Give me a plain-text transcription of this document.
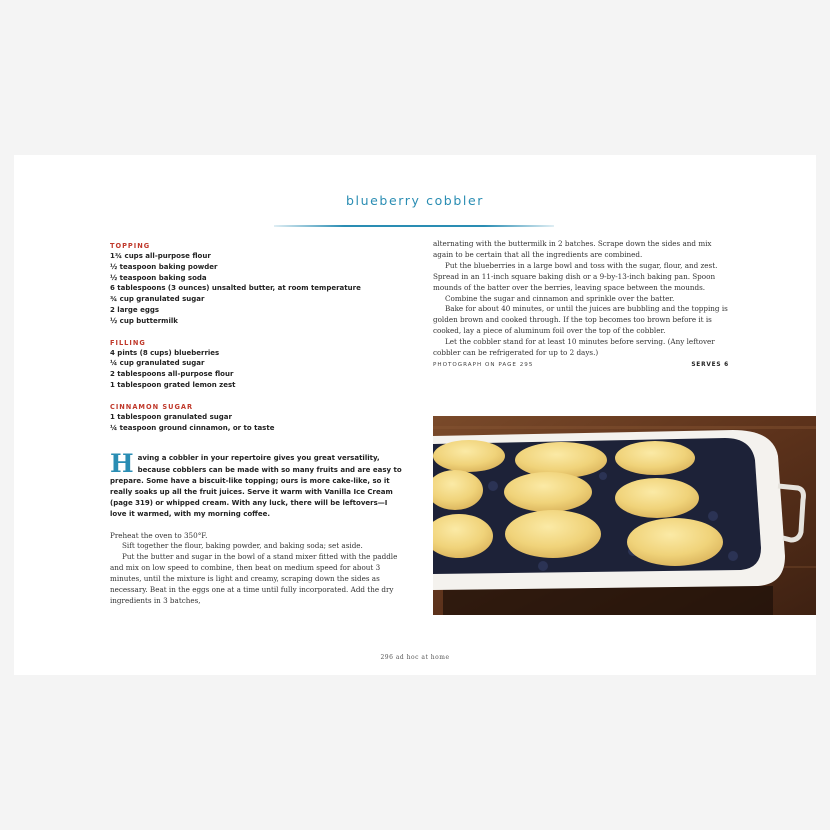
blueberry cobbler

TOPPING

1¾ cups all-purpose flour
½ teaspoon baking powder
½ teaspoon baking soda
6 tablespoons (3 ounces) unsalted butter, at room temperature
¾ cup granulated sugar
2 large eggs
½ cup buttermilk

FILLING

4 pints (8 cups) blueberries
¼ cup granulated sugar
2 tablespoons all-purpose flour
1 tablespoon grated lemon zest

CINNAMON SUGAR

1 tablespoon granulated sugar
¼ teaspoon ground cinnamon, or to taste

Having a cobbler in your repertoire gives you great versatility, because cobblers can be made with so many fruits and are easy to prepare. Some have a biscuit-like topping; ours is more cake-like, so it really soaks up all the fruit juices. Serve it warm with Vanilla Ice Cream (page 319) or whipped cream. With any luck, there will be leftovers—I love it warmed, with my morning coffee.

Preheat the oven to 350°F.

Sift together the flour, baking powder, and baking soda; set aside.

Put the butter and sugar in the bowl of a stand mixer fitted with the paddle and mix on low speed to combine, then beat on medium speed for about 3 minutes, until the mixture is light and creamy, scraping down the sides as necessary. Beat in the eggs one at a time until fully incorporated. Add the dry ingredients in 3 batches,

alternating with the buttermilk in 2 batches. Scrape down the sides and mix again to be certain that all the ingredients are combined.

Put the blueberries in a large bowl and toss with the sugar, flour, and zest. Spread in an 11-inch square baking dish or a 9-by-13-inch baking pan. Spoon mounds of the batter over the berries, leaving space between the mounds.

Combine the sugar and cinnamon and sprinkle over the batter.

Bake for about 40 minutes, or until the juices are bubbling and the topping is golden brown and cooked through. If the top becomes too brown before it is cooked, lay a piece of aluminum foil over the top of the cobbler.

Let the cobbler stand for at least 10 minutes before serving. (Any leftover cobbler can be refrigerated for up to 2 days.)

PHOTOGRAPH ON PAGE 295	SERVES 6
296 ad hoc at home
